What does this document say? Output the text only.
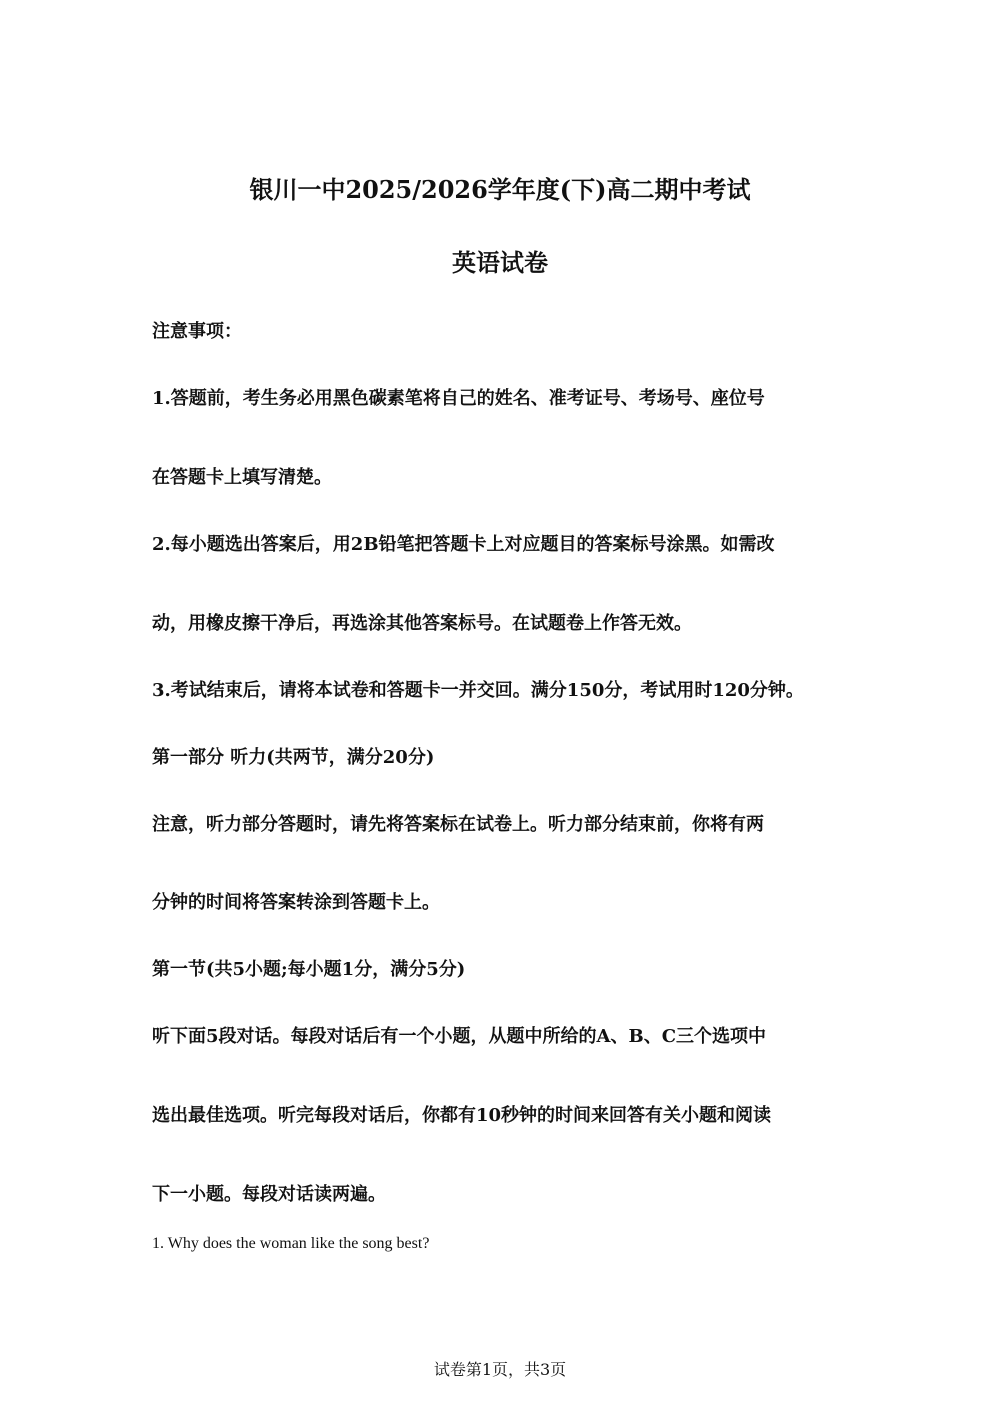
银川一中2025/2026学年度(下)高二期中考试
英语试卷
注意事项：
1.答题前，考生务必用黑色碳素笔将自己的姓名、准考证号、考场号、座位号
在答题卡上填写清楚。
2.每小题选出答案后，用2B铅笔把答题卡上对应题目的答案标号涂黑。如需改
动，用橡皮擦干净后，再选涂其他答案标号。在试题卷上作答无效。
3.考试结束后，请将本试卷和答题卡一并交回。满分150分，考试用时120分钟。
第一部分 听力(共两节，满分20分)
注意，听力部分答题时，请先将答案标在试卷上。听力部分结束前，你将有两
分钟的时间将答案转涂到答题卡上。
第一节(共5小题;每小题1分，满分5分)
听下面5段对话。每段对话后有一个小题，从题中所给的A、B、C三个选项中
选出最佳选项。听完每段对话后，你都有10秒钟的时间来回答有关小题和阅读
下一小题。每段对话读两遍。
1. Why does the woman like the song best?
试卷第1页，共3页
